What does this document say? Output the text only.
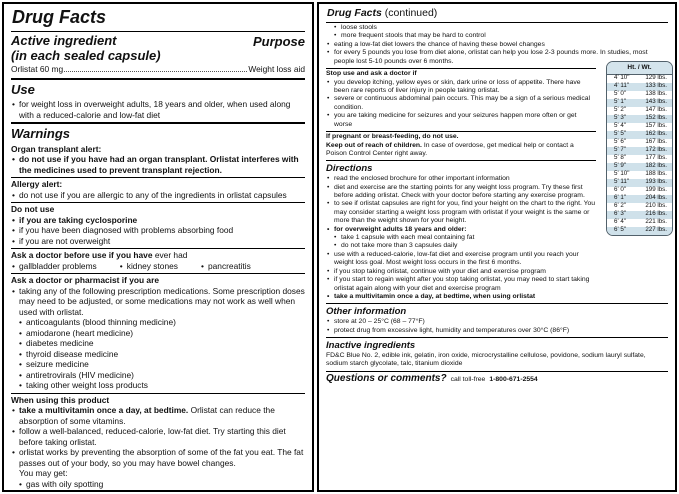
Drug Facts
Active ingredient
(in each sealed capsule)
Purpose
Orlistat 60 mg	Weight loss aid
Use
• for weight loss in overweight adults, 18 years and older, when used along with a reduced-calorie and low-fat diet
Warnings
Organ transplant alert:
• do not use if you have had an organ transplant. Orlistat interferes with the medicines used to prevent transplant rejection.
Allergy alert:
• do not use if you are allergic to any of the ingredients in orlistat capsules
Do not use
• if you are taking cyclosporine
• if you have been diagnosed with problems absorbing food
• if you are not overweight
Ask a doctor before use if you have ever had
• gallbladder problems	• kidney stones	• pancreatitis
Ask a doctor or pharmacist if you are
• taking any of the following prescription medications. Some prescription doses may need to be adjusted, or some medications may not work as well when used with orlistat.
• anticoagulants (blood thinning medicine)
• amiodarone (heart medicine)
• diabetes medicine
• thyroid disease medicine
• seizure medicine
• antiretrovirals (HIV medicine)
• taking other weight loss products
When using this product
• take a multivitamin once a day, at bedtime. Orlistat can reduce the absorption of some vitamins.
• follow a well-balanced, reduced-calorie, low-fat diet. Try starting this diet before taking orlistat.
• orlistat works by preventing the absorption of some of the fat you eat. The fat passes out of your body, so you may have bowel changes.
You may get:
• gas with oily spotting
Drug Facts (continued)
• loose stools
• more frequent stools that may be hard to control
• eating a low-fat diet lowers the chance of having these bowel changes
• for every 5 pounds you lose from diet alone, orlistat can help you lose 2-3 pounds more. In studies, most people lost 5-10 pounds over 6 months.
Stop use and ask a doctor if
• you develop itching, yellow eyes or skin, dark urine or loss of appetite. There have been rare reports of liver injury in people taking orlistat.
• severe or continuous abdominal pain occurs. This may be a sign of a serious medical condition.
• you are taking medicine for seizures and your seizures happen more often or get worse
If pregnant or breast-feeding, do not use.
Keep out of reach of children. In case of overdose, get medical help or contact a Poison Control Center right away.
Directions
• read the enclosed brochure for other important information
• diet and exercise are the starting points for any weight loss program. Try these first before adding orlistat. Check with your doctor before starting any exercise program.
• to see if orlistat capsules are right for you, find your height on the chart to the right. You may consider starting a weight loss program with orlistat if your weight is the same or more than the weight shown for your height.
• for overweight adults 18 years and older:
• take 1 capsule with each meal containing fat
• do not take more than 3 capsules daily
• use with a reduced-calorie, low-fat diet and exercise program until you reach your weight loss goal. Most weight loss occurs in the first 6 months.
• if you stop taking orlistat, continue with your diet and exercise program
• if you start to regain weight after you stop taking orlistat, you may need to start taking orlistat again along with your diet and exercise program
• take a multivitamin once a day, at bedtime, when using orlistat
Other information
• store at 20 – 25°C (68 – 77°F)
• protect drug from excessive light, humidity and temperatures over 30°C (86°F)
Inactive ingredients
FD&C Blue No. 2, edible ink, gelatin, iron oxide, microcrystalline cellulose, povidone, sodium lauryl sulfate, sodium starch glycolate, talc, titanium dioxide
Questions or comments? call toll-free 1-800-671-2554
Ht. / Wt.
4' 10"	129 lbs.
4' 11"	133 lbs.
5' 0"	138 lbs.
5' 1"	143 lbs.
5' 2"	147 lbs.
5' 3"	152 lbs.
5' 4"	157 lbs.
5' 5"	162 lbs.
5' 6"	167 lbs.
5' 7"	172 lbs.
5' 8"	177 lbs.
5' 9"	182 lbs.
5' 10"	188 lbs.
5' 11"	193 lbs.
6' 0"	199 lbs.
6' 1"	204 lbs.
6' 2"	210 lbs.
6' 3"	216 lbs.
6' 4"	221 lbs.
6' 5"	227 lbs.
